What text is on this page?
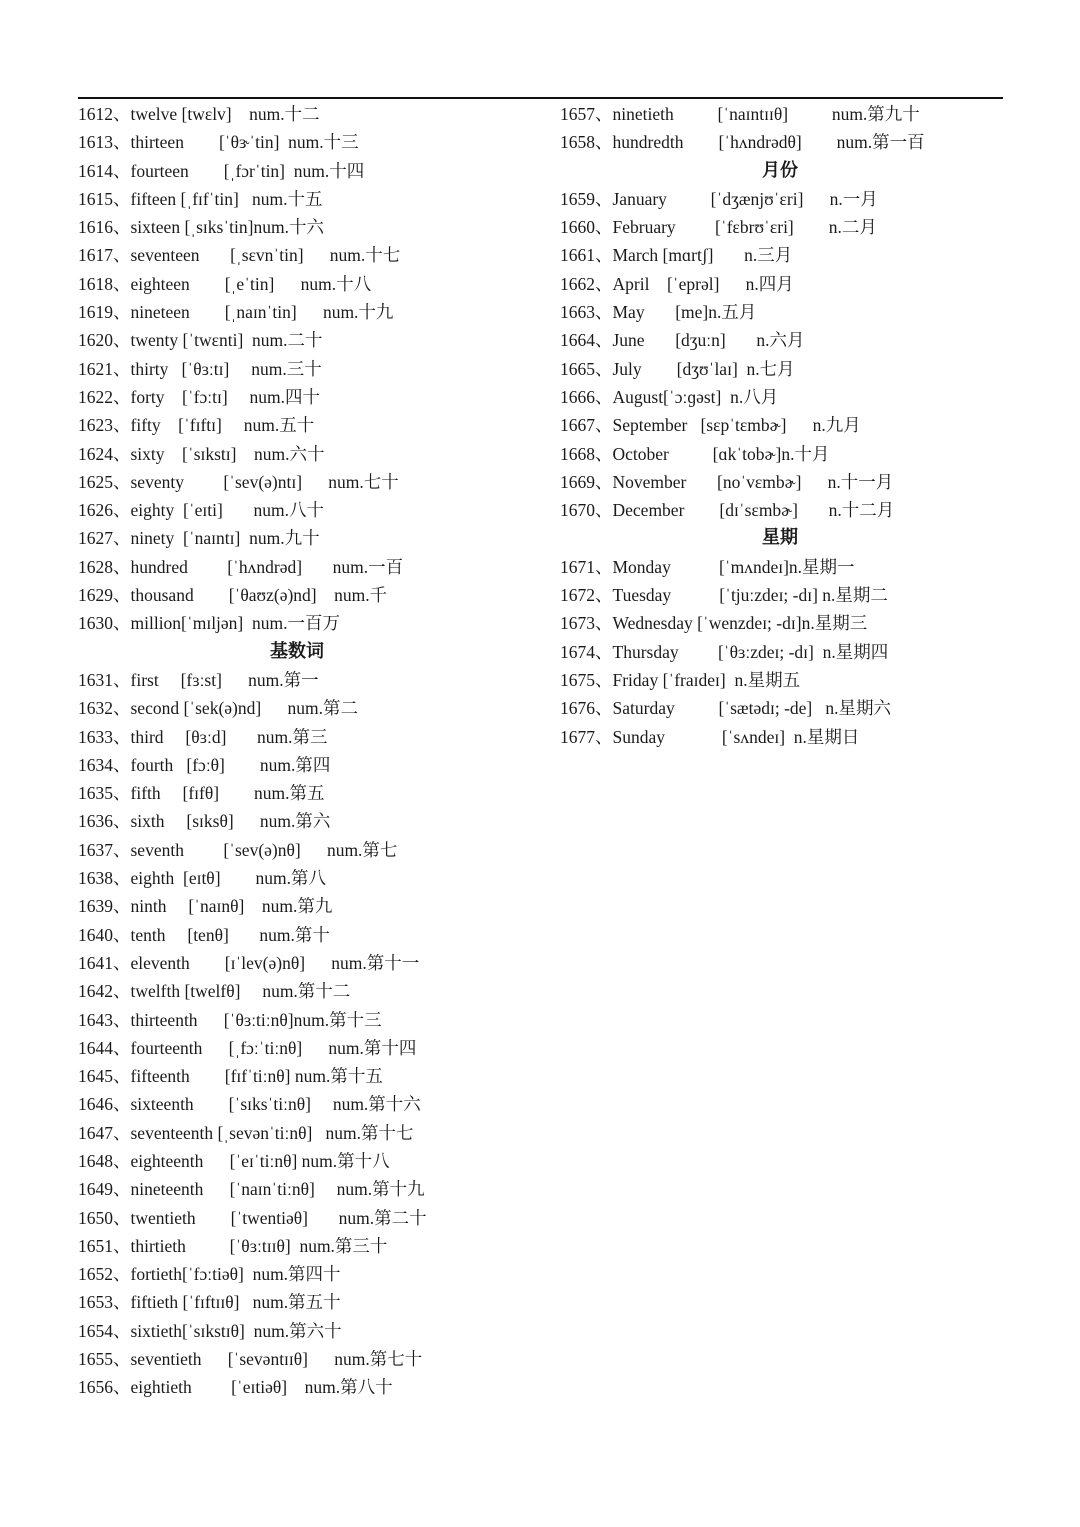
1612、twelve [twɛlv]    num.十二
1613、thirteen        [ˈθɝˈtin]  num.十三
1614、fourteen        [ˌfɔrˈtin]  num.十四
1615、fifteen [ˌfɪfˈtin]   num.十五
1616、sixteen [ˌsɪksˈtin]num.十六
1617、seventeen       [ˌsɛvnˈtin]      num.十七
1618、eighteen        [ˌeˈtin]      num.十八
1619、nineteen        [ˌnaɪnˈtin]      num.十九
1620、twenty [ˈtwɛnti]  num.二十
1621、thirty   [ˈθɜːtɪ]     num.三十
1622、forty    [ˈfɔːtɪ]     num.四十
1623、fifty    [ˈfɪftɪ]     num.五十
1624、sixty    [ˈsɪkstɪ]    num.六十
1625、seventy         [ˈsev(ə)ntɪ]      num.七十
1626、eighty  [ˈeɪti]       num.八十
1627、ninety  [ˈnaɪntɪ]  num.九十
1628、hundred         [ˈhʌndrəd]       num.一百
1629、thousand        [ˈθaʊz(ə)nd]    num.千
1630、million[ˈmɪljən]  num.一百万
基数词
1631、first     [fɜːst]      num.第一
1632、second [ˈsek(ə)nd]      num.第二
1633、third     [θɜːd]       num.第三
1634、fourth   [fɔːθ]        num.第四
1635、fifth     [fɪfθ]        num.第五
1636、sixth     [sɪksθ]      num.第六
1637、seventh         [ˈsev(ə)nθ]      num.第七
1638、eighth  [eɪtθ]        num.第八
1639、ninth     [ˈnaɪnθ]    num.第九
1640、tenth     [tenθ]       num.第十
1641、eleventh        [ɪˈlev(ə)nθ]      num.第十一
1642、twelfth [twelfθ]     num.第十二
1643、thirteenth      [ˈθɜːtiːnθ]num.第十三
1644、fourteenth      [ˌfɔːˈtiːnθ]      num.第十四
1645、fifteenth        [fɪfˈtiːnθ] num.第十五
1646、sixteenth        [ˈsɪksˈtiːnθ]     num.第十六
1647、seventeenth [ˌsevənˈtiːnθ]   num.第十七
1648、eighteenth      [ˈeɪˈtiːnθ] num.第十八
1649、nineteenth      [ˈnaɪnˈtiːnθ]     num.第十九
1650、twentieth        [ˈtwentiəθ]       num.第二十
1651、thirtieth          [ˈθɜːtɪɪθ]  num.第三十
1652、fortieth[ˈfɔːtiəθ]  num.第四十
1653、fiftieth [ˈfɪftɪɪθ]   num.第五十
1654、sixtieth[ˈsɪkstɪθ]  num.第六十
1655、seventieth      [ˈsevəntɪɪθ]      num.第七十
1656、eightieth         [ˈeɪtiəθ]    num.第八十
1657、ninetieth          [ˈnaɪntɪɪθ]          num.第九十
1658、hundredth        [ˈhʌndrədθ]        num.第一百
月份
1659、January          [ˈdʒænjʊˈɛri]      n.一月
1660、February         [ˈfɛbrʊˈɛri]        n.二月
1661、March [mɑrtʃ]       n.三月
1662、April    [ˈeprəl]      n.四月
1663、May       [me]n.五月
1664、June       [dʒuːn]       n.六月
1665、July        [dʒʊˈlaɪ]  n.七月
1666、August[ˈɔːɡəst]  n.八月
1667、September   [sɛpˈtɛmbɚ]      n.九月
1668、October          [ɑkˈtobɚ]n.十月
1669、November       [noˈvɛmbɚ]      n.十一月
1670、December        [dɪˈsɛmbɚ]       n.十二月
星期
1671、Monday           [ˈmʌndeɪ]n.星期一
1672、Tuesday           [ˈtjuːzdeɪ; -dɪ] n.星期二
1673、Wednesday [ˈwenzdeɪ; -dɪ]n.星期三
1674、Thursday         [ˈθɜːzdeɪ; -dɪ]  n.星期四
1675、Friday [ˈfraɪdeɪ]  n.星期五
1676、Saturday          [ˈsætədɪ; -de]   n.星期六
1677、Sunday             [ˈsʌndeɪ]  n.星期日
